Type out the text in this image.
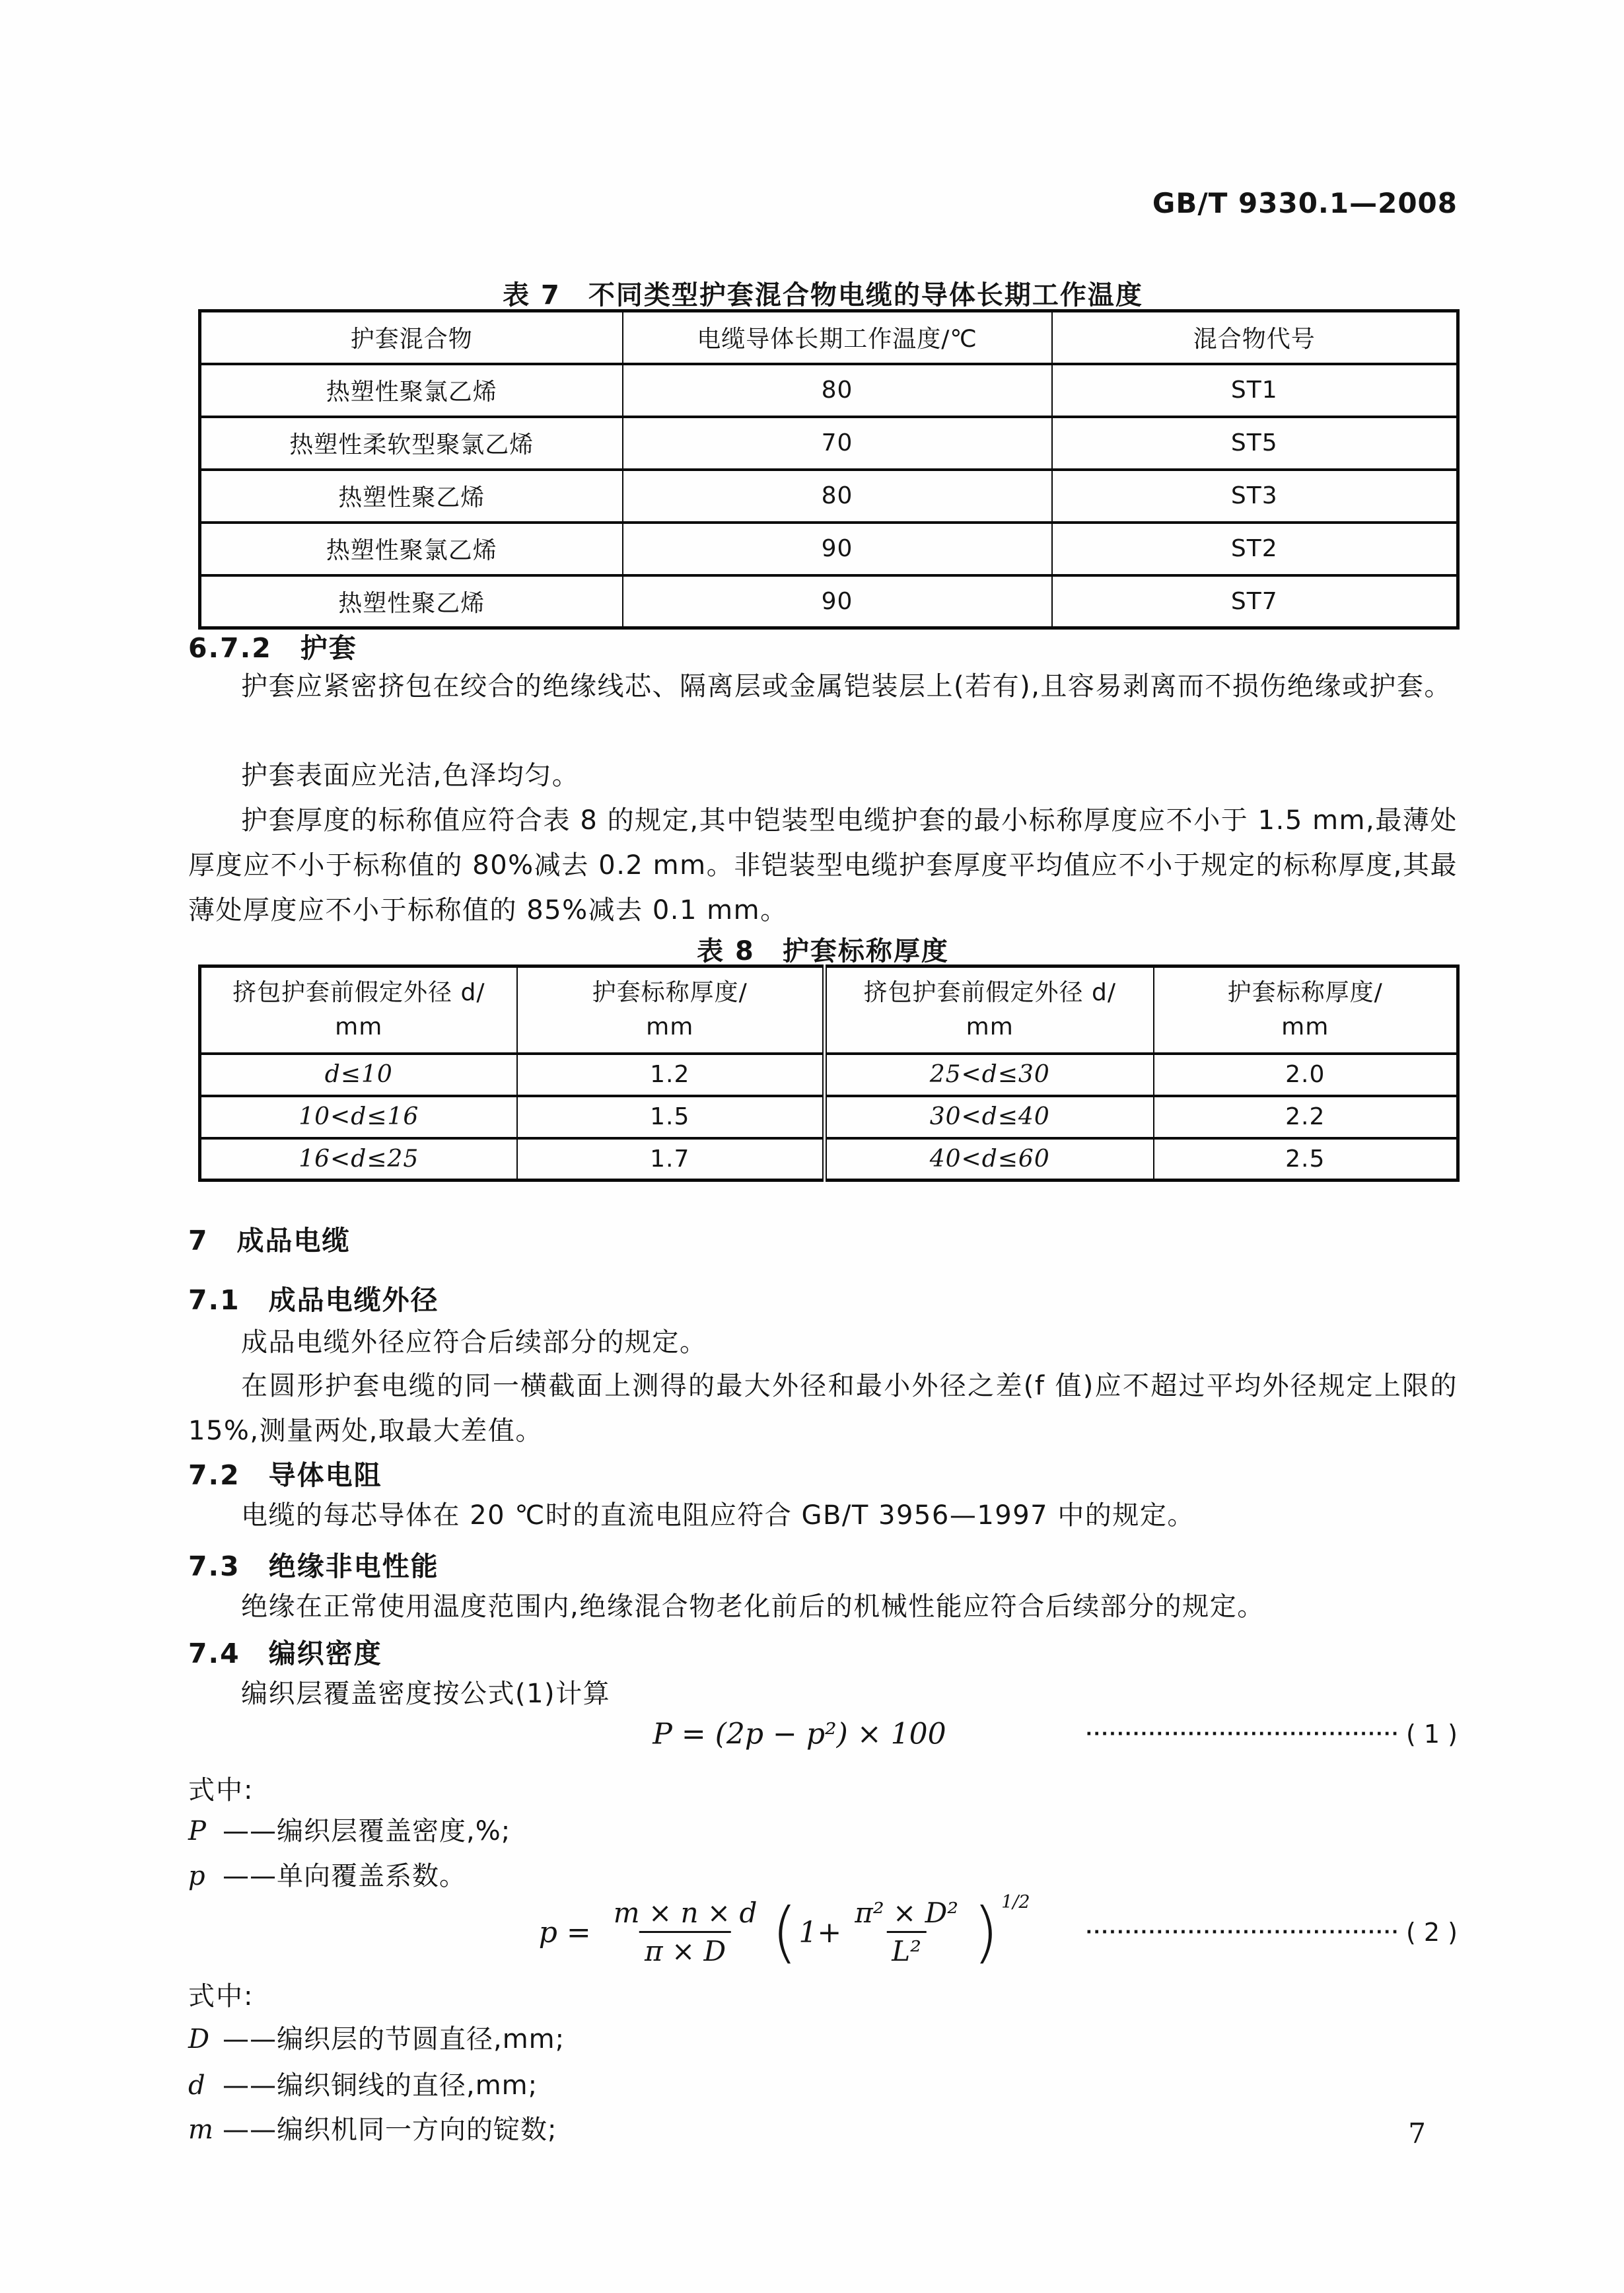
GB/T 9330.1—2008
表 7　不同类型护套混合物电缆的导体长期工作温度
护套混合物	电缆导体长期工作温度/℃	混合物代号
热塑性聚氯乙烯	80	ST1
热塑性柔软型聚氯乙烯	70	ST5
热塑性聚乙烯	80	ST3
热塑性聚氯乙烯	90	ST2
热塑性聚乙烯	90	ST7
6.7.2　护套
护套应紧密挤包在绞合的绝缘线芯、隔离层或金属铠装层上(若有),且容易剥离而不损伤绝缘或护套。
护套表面应光洁,色泽均匀。
护套厚度的标称值应符合表 8 的规定,其中铠装型电缆护套的最小标称厚度应不小于 1.5 mm,最薄处厚度应不小于标称值的 80%减去 0.2 mm。非铠装型电缆护套厚度平均值应不小于规定的标称厚度,其最薄处厚度应不小于标称值的 85%减去 0.1 mm。
表 8　护套标称厚度
挤包护套前假定外径 d/
mm	护套标称厚度/
mm	挤包护套前假定外径 d/
mm	护套标称厚度/
mm

d≤10	1.2	25<d≤30	2.0
10<d≤16	1.5	30<d≤40	2.2
16<d≤25	1.7	40<d≤60	2.5
7　成品电缆
7.1　成品电缆外径
成品电缆外径应符合后续部分的规定。
在圆形护套电缆的同一横截面上测得的最大外径和最小外径之差(f 值)应不超过平均外径规定上限的 15%,测量两处,取最大差值。
7.2　导体电阻
电缆的每芯导体在 20 ℃时的直流电阻应符合 GB/T 3956—1997 中的规定。
7.3　绝缘非电性能
绝缘在正常使用温度范围内,绝缘混合物老化前后的机械性能应符合后续部分的规定。
7.4　编织密度
编织层覆盖密度按公式(1)计算
P = (2p − p²) × 100	········································ ( 1 )
式中:
P ——编织层覆盖密度,%;
p ——单向覆盖系数。
$p = \frac{m \times n \times d}{\pi \times D}$ ( $1+ \frac{\text{π² × D²}}{\text{L²}}$ ) 1/2
········································ ( 2 )
式中:
D ——编织层的节圆直径,mm;
d ——编织铜线的直径,mm;
m ——编织机同一方向的锭数;	7
